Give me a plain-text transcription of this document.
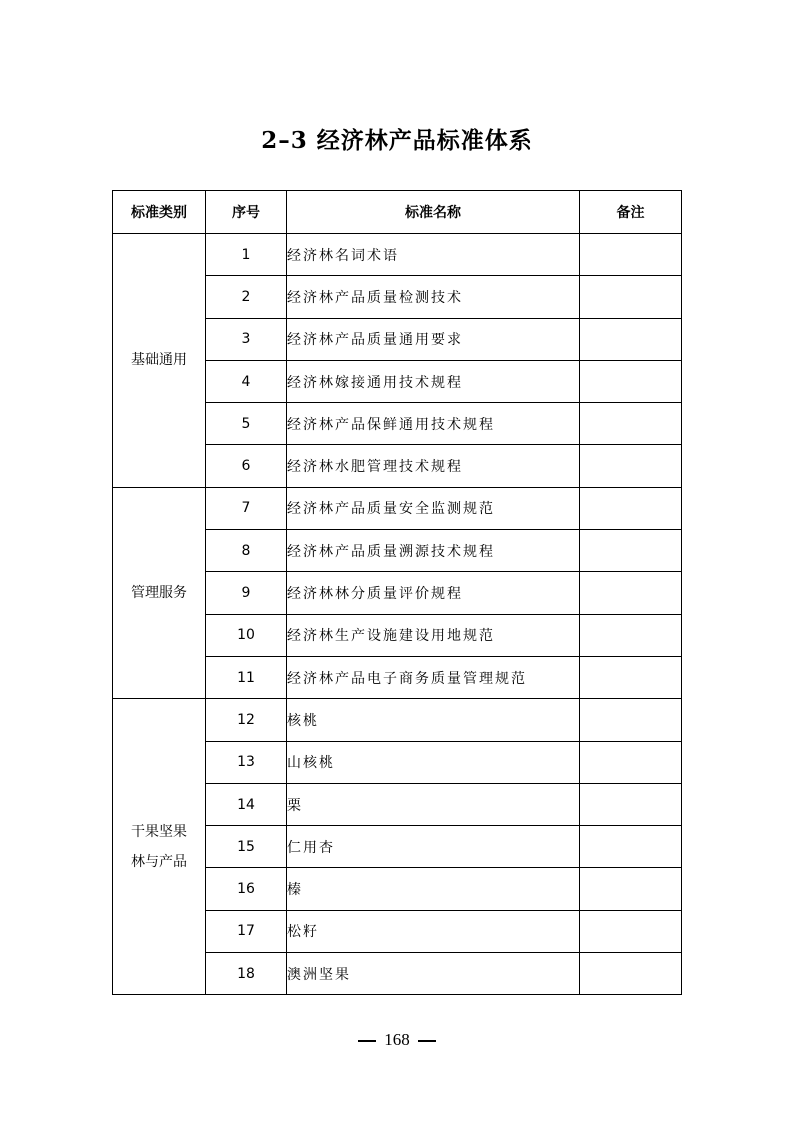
2–3 经济林产品标准体系
标准类别	序号	标准名称	备注
基础通用	1	经济林名词术语	
	2	经济林产品质量检测技术	
	3	经济林产品质量通用要求	
	4	经济林嫁接通用技术规程	
	5	经济林产品保鲜通用技术规程	
	6	经济林水肥管理技术规程	
管理服务	7	经济林产品质量安全监测规范	
	8	经济林产品质量溯源技术规程	
	9	经济林林分质量评价规程	
	10	经济林生产设施建设用地规范	
	11	经济林产品电子商务质量管理规范	
干果坚果林与产品	12	核桃	
	13	山核桃	
	14	栗	
	15	仁用杏	
	16	榛	
	17	松籽	
	18	澳洲坚果	
168
